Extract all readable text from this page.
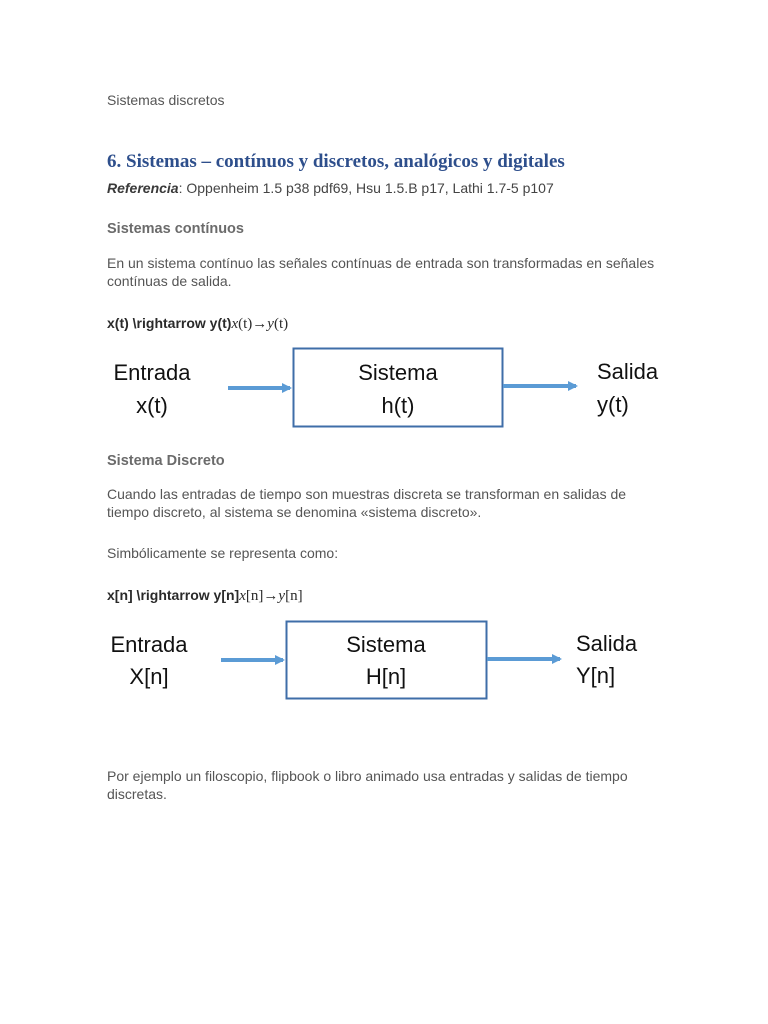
Sistemas discretos
6. Sistemas – contínuos y discretos, analógicos y digitales
Referencia: Oppenheim 1.5 p38 pdf69, Hsu 1.5.B p17, Lathi 1.7-5 p107
Sistemas contínuos
En un sistema contínuo las señales contínuas de entrada son transformadas en señales contínuas de salida.
x(t) \rightarrow y(t)x(t)→y(t)
Entrada
x(t)
Sistema
h(t)
Salida
y(t)
Sistema Discreto
Cuando las entradas de tiempo son muestras discreta se transforman en salidas de tiempo discreto, al sistema se denomina «sistema discreto».
Simbólicamente se representa como:
x[n] \rightarrow y[n]x[n]→y[n]
Entrada
X[n]
Sistema
H[n]
Salida
Y[n]
Por ejemplo un filoscopio, flipbook o libro animado usa entradas y salidas de tiempo discretas.
